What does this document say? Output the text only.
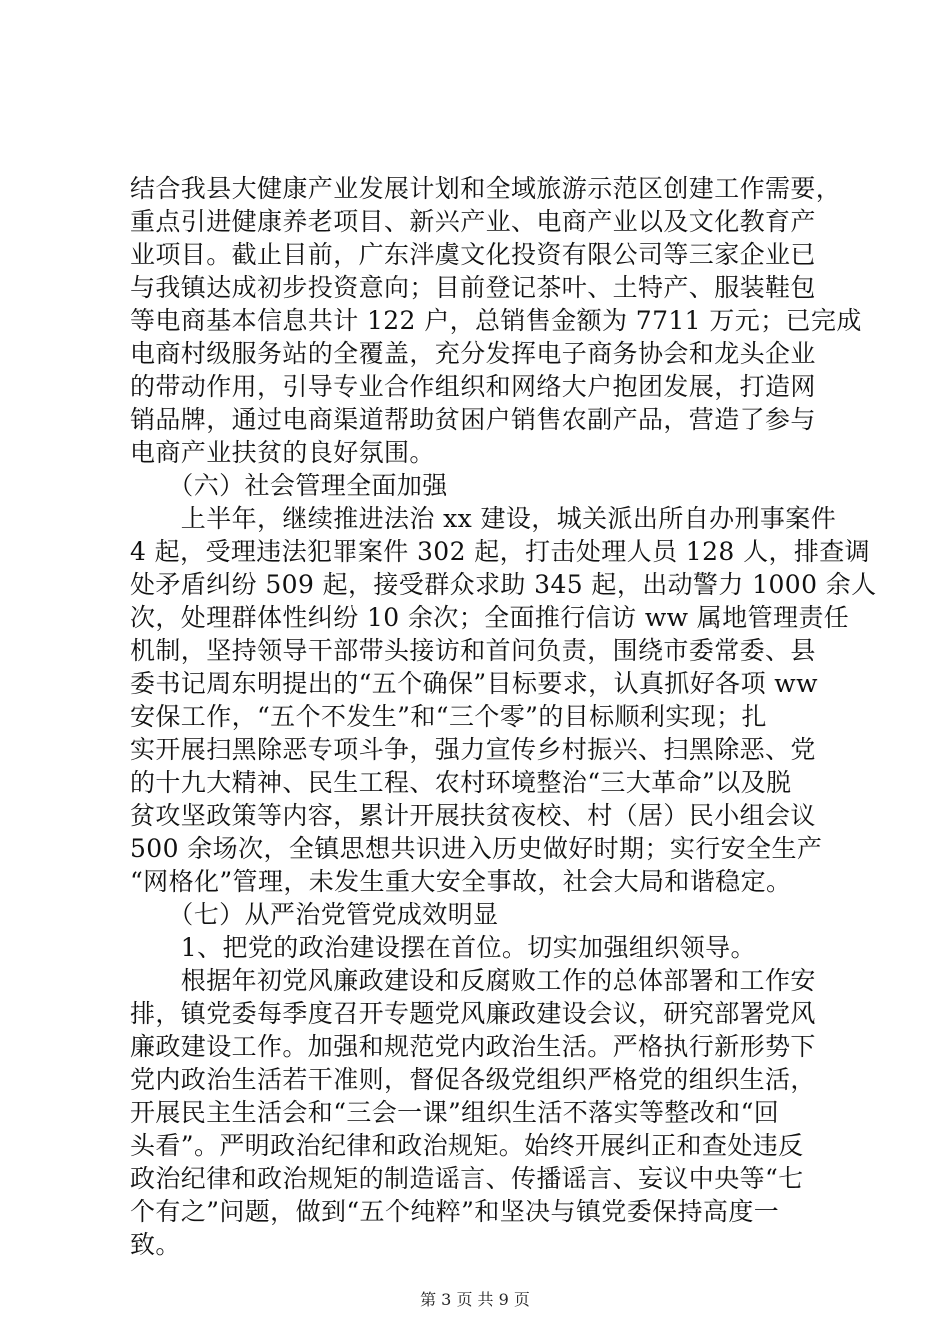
结合我县大健康产业发展计划和全域旅游示范区创建工作需要，
重点引进健康养老项目、新兴产业、电商产业以及文化教育产
业项目。截止目前，广东泮虞文化投资有限公司等三家企业已
与我镇达成初步投资意向；目前登记茶叶、土特产、服装鞋包
等电商基本信息共计 122 户，总销售金额为 7711 万元；已完成
电商村级服务站的全覆盖，充分发挥电子商务协会和龙头企业
的带动作用，引导专业合作组织和网络大户抱团发展，打造网
销品牌，通过电商渠道帮助贫困户销售农副产品，营造了参与
电商产业扶贫的良好氛围。
　　（六）社会管理全面加强
　　上半年，继续推进法治 xx 建设，城关派出所自办刑事案件
4 起，受理违法犯罪案件 302 起，打击处理人员 128 人，排查调
处矛盾纠纷 509 起，接受群众求助 345 起，出动警力 1000 余人
次，处理群体性纠纷 10 余次；全面推行信访 ww 属地管理责任
机制，坚持领导干部带头接访和首问负责，围绕市委常委、县
委书记周东明提出的“五个确保”目标要求，认真抓好各项 ww
安保工作，“五个不发生”和“三个零”的目标顺利实现；扎
实开展扫黑除恶专项斗争，强力宣传乡村振兴、扫黑除恶、党
的十九大精神、民生工程、农村环境整治“三大革命”以及脱
贫攻坚政策等内容，累计开展扶贫夜校、村（居）民小组会议
500 余场次，全镇思想共识进入历史做好时期；实行安全生产
“网格化”管理，未发生重大安全事故，社会大局和谐稳定。
　　（七）从严治党管党成效明显
　　1、把党的政治建设摆在首位。切实加强组织领导。
　　根据年初党风廉政建设和反腐败工作的总体部署和工作安
排，镇党委每季度召开专题党风廉政建设会议，研究部署党风
廉政建设工作。加强和规范党内政治生活。严格执行新形势下
党内政治生活若干准则，督促各级党组织严格党的组织生活，
开展民主生活会和“三会一课”组织生活不落实等整改和“回
头看”。严明政治纪律和政治规矩。始终开展纠正和查处违反
政治纪律和政治规矩的制造谣言、传播谣言、妄议中央等“七
个有之”问题，做到“五个纯粹”和坚决与镇党委保持高度一
致。
第 3 页 共 9 页
